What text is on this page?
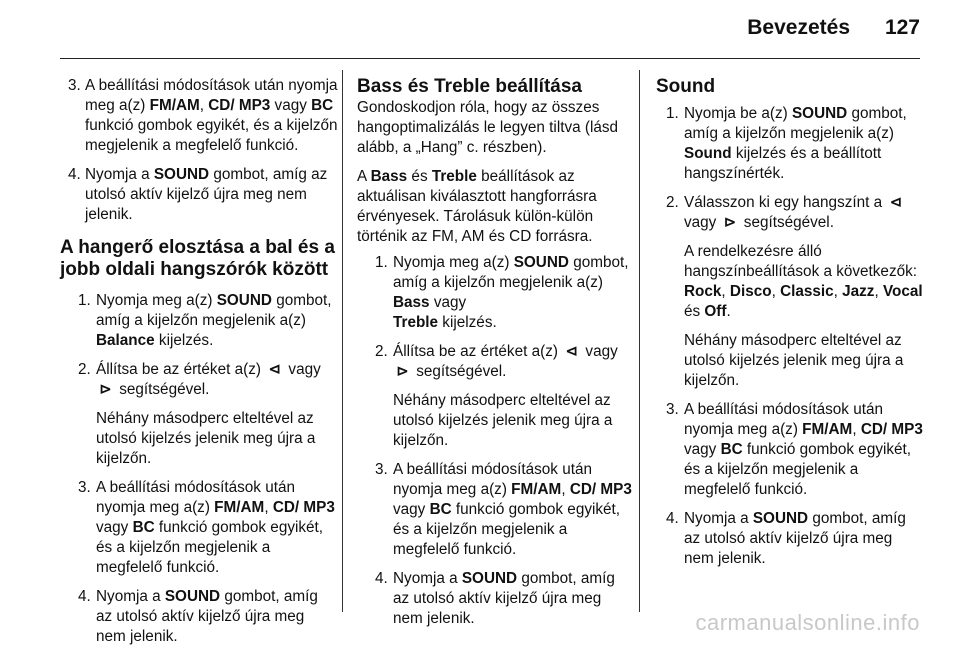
Bevezetés 127
3. A beállítási módosítások után nyomja meg a(z) FM/AM, CD/ MP3 vagy BC funkció gombok egyikét, és a kijelzőn megjelenik a megfelelő funkció.
4. Nyomja a SOUND gombot, amíg az utolsó aktív kijelző újra meg nem jelenik.
A hangerő elosztása a bal és a jobb oldali hangszórók között
1. Nyomja meg a(z) SOUND gombot, amíg a kijelzőn megjelenik a(z) Balance kijelzés.
2. Állítsa be az értéket a(z) ⊲ vagy
⊳ segítségével.

Néhány másodperc elteltével az utolsó kijelzés jelenik meg újra a kijelzőn.

3. A beállítási módosítások után nyomja meg a(z) FM/AM, CD/ MP3 vagy BC funkció gombok egyikét, és a kijelzőn megjelenik a megfelelő funkció.
4. Nyomja a SOUND gombot, amíg az utolsó aktív kijelző újra meg nem jelenik.
Bass és Treble beállítása

Gondoskodjon róla, hogy az összes hangoptimalizálás le legyen tiltva (lásd alább, a „Hang” c. részben).

A Bass és Treble beállítások az aktuálisan kiválasztott hangforrásra érvényesek. Tárolásuk külön-külön történik az FM, AM és CD forrásra.

1. Nyomja meg a(z) SOUND gombot, amíg a kijelzőn megjelenik a(z) Bass vagy
Treble kijelzés.
2. Állítsa be az értéket a(z) ⊲ vagy
⊳ segítségével.

Néhány másodperc elteltével az utolsó kijelzés jelenik meg újra a kijelzőn.

3. A beállítási módosítások után nyomja meg a(z) FM/AM, CD/ MP3 vagy BC funkció gombok egyikét, és a kijelzőn megjelenik a megfelelő funkció.
4. Nyomja a SOUND gombot, amíg az utolsó aktív kijelző újra meg nem jelenik.
Sound
1. Nyomja be a(z) SOUND gombot, amíg a kijelzőn megjelenik a(z) Sound kijelzés és a beállított hangszínérték.
2. Válasszon ki egy hangszínt a ⊲
vagy ⊳ segítségével.

A rendelkezésre álló hangszínbeállítások a következők: Rock, Disco, Classic, Jazz, Vocal és Off.

Néhány másodperc elteltével az utolsó kijelzés jelenik meg újra a kijelzőn.

3. A beállítási módosítások után nyomja meg a(z) FM/AM, CD/ MP3 vagy BC funkció gombok egyikét, és a kijelzőn megjelenik a megfelelő funkció.
4. Nyomja a SOUND gombot, amíg az utolsó aktív kijelző újra meg nem jelenik.
carmanualsonline.info
